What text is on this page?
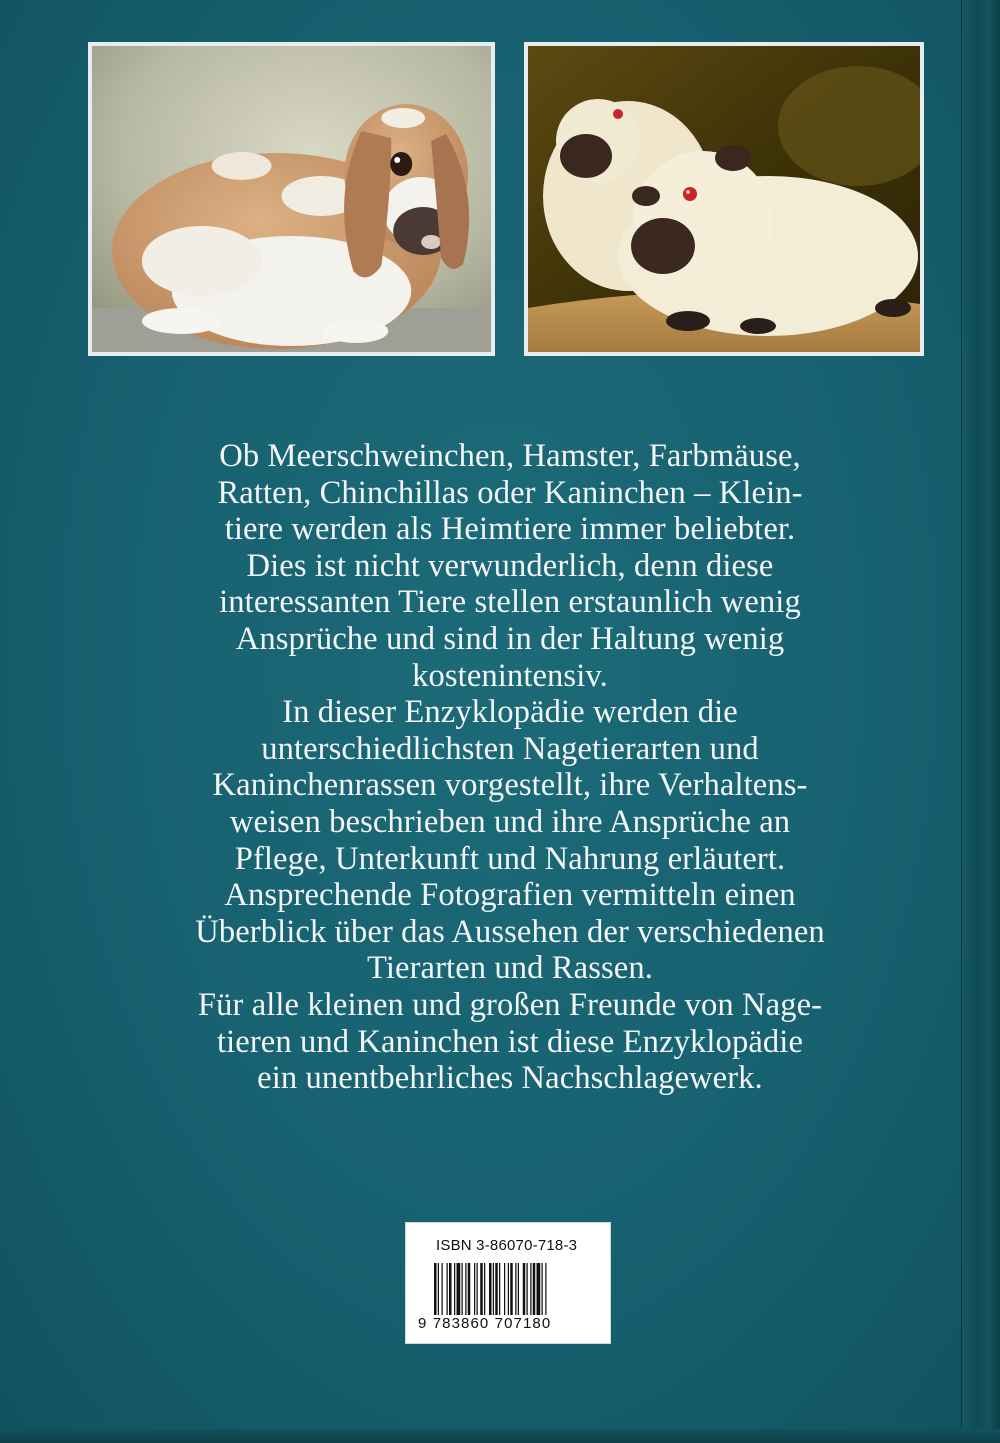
Ob Meerschweinchen, Hamster, Farbmäuse,
Ratten, Chinchillas oder Kaninchen – Klein-
tiere werden als Heimtiere immer beliebter.
Dies ist nicht verwunderlich, denn diese
interessanten Tiere stellen erstaunlich wenig
Ansprüche und sind in der Haltung wenig
kostenintensiv.
In dieser Enzyklopädie werden die
unterschiedlichsten Nagetierarten und
Kaninchenrassen vorgestellt, ihre Verhaltens-
weisen beschrieben und ihre Ansprüche an
Pflege, Unterkunft und Nahrung erläutert.
Ansprechende Fotografien vermitteln einen
Überblick über das Aussehen der verschiedenen
Tierarten und Rassen.
Für alle kleinen und großen Freunde von Nage-
tieren und Kaninchen ist diese Enzyklopädie
ein unentbehrliches Nachschlagewerk.

ISBN 3-86070-718-3
9 783860 707180
